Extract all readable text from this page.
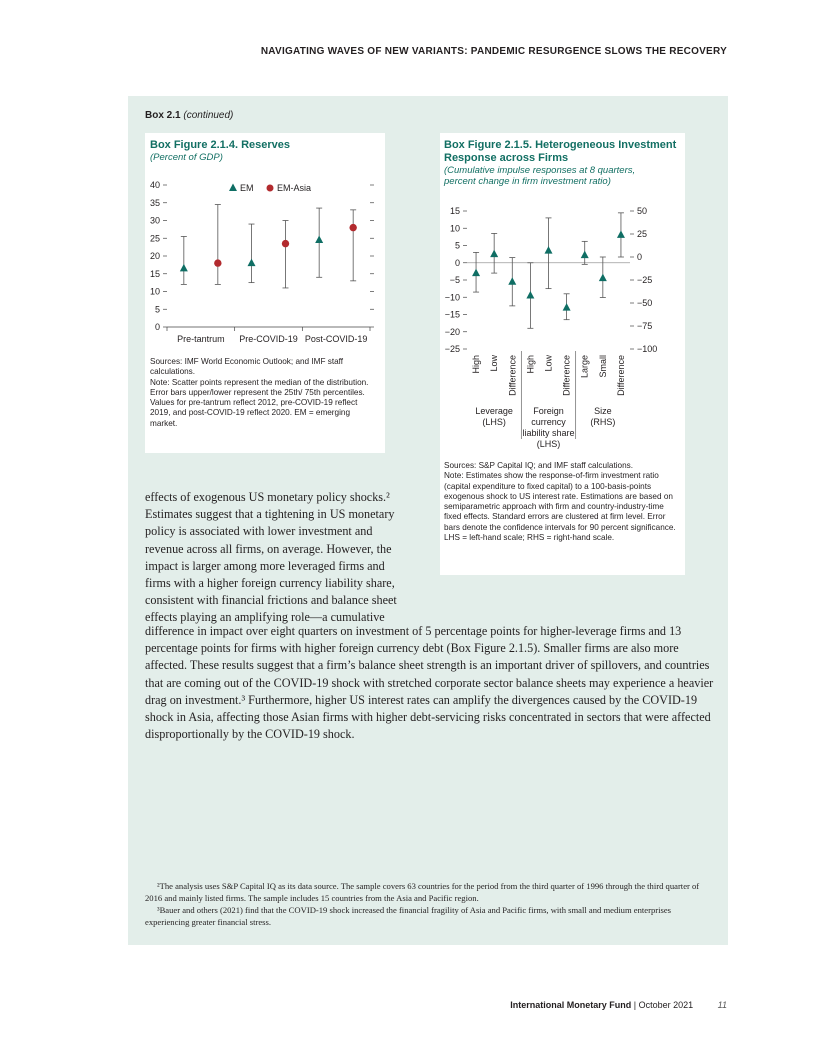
NAVIGATING WAVES OF NEW VARIANTS: PANDEMIC RESURGENCE SLOWS THE RECOVERY
Box 2.1 (continued)
Box Figure 2.1.4. Reserves
(Percent of GDP)
0
5
10
15
20
25
30
35
40
Pre-tantrum Pre-COVID-19 Post-COVID-19
EM	EM-Asia
Sources: IMF World Economic Outlook; and IMF staff calculations.
Note: Scatter points represent the median of the distribution. Error bars upper/lower represent the 25th/ 75th percentiles. Values for pre-tantrum reflect 2012, pre-COVID-19 reflect 2019, and post-COVID-19 reflect 2020. EM = emerging market.
Box Figure 2.1.5. Heterogeneous Investment
Response across Firms
(Cumulative impulse responses at 8 quarters,
percent change in firm investment ratio)
15
10
5
0
−5
−10
−15
−20
−25
50
25
0
−25
−50
−75
−100
High Low Difference High Low Difference Large Small Difference
Leverage
(LHS)
Foreign
currency
liability share
(LHS)
Size
(RHS)
Sources: S&P Capital IQ; and IMF staff calculations.
Note: Estimates show the response-of-firm investment ratio (capital expenditure to fixed capital) to a 100-basis-points exogenous shock to US interest rate. Estimations are based on semiparametric approach with firm and country-industry-time fixed effects. Standard errors are clustered at firm level. Error bars denote the confidence intervals for 90 percent significance. LHS = left-hand scale; RHS = right-hand scale.

effects of exogenous US monetary policy shocks.² Estimates suggest that a tightening in US monetary policy is associated with lower investment and revenue across all firms, on average. However, the impact is larger among more leveraged firms and firms with a higher foreign currency liability share, consistent with financial frictions and balance sheet effects playing an amplifying role—a cumulative

difference in impact over eight quarters on investment of 5 percentage points for higher-leverage firms and 13 percentage points for firms with higher foreign currency debt (Box Figure 2.1.5). Smaller firms are also more affected. These results suggest that a firm’s balance sheet strength is an important driver of spillovers, and countries that are coming out of the COVID-19 shock with stretched corporate sector balance sheets may experience a heavier drag on investment.³ Furthermore, higher US interest rates can amplify the divergences caused by the COVID-19 shock in Asia, affecting those Asian firms with higher debt-servicing risks concentrated in sectors that were affected disproportionally by the COVID-19 shock.

²The analysis uses S&P Capital IQ as its data source. The sample covers 63 countries for the period from the third quarter of 1996 through the third quarter of 2016 and mainly listed firms. The sample includes 15 countries from the Asia and Pacific region.

³Bauer and others (2021) find that the COVID-19 shock increased the financial fragility of Asia and Pacific firms, with small and medium enterprises experiencing greater financial stress.

International Monetary Fund | October 2021	11
